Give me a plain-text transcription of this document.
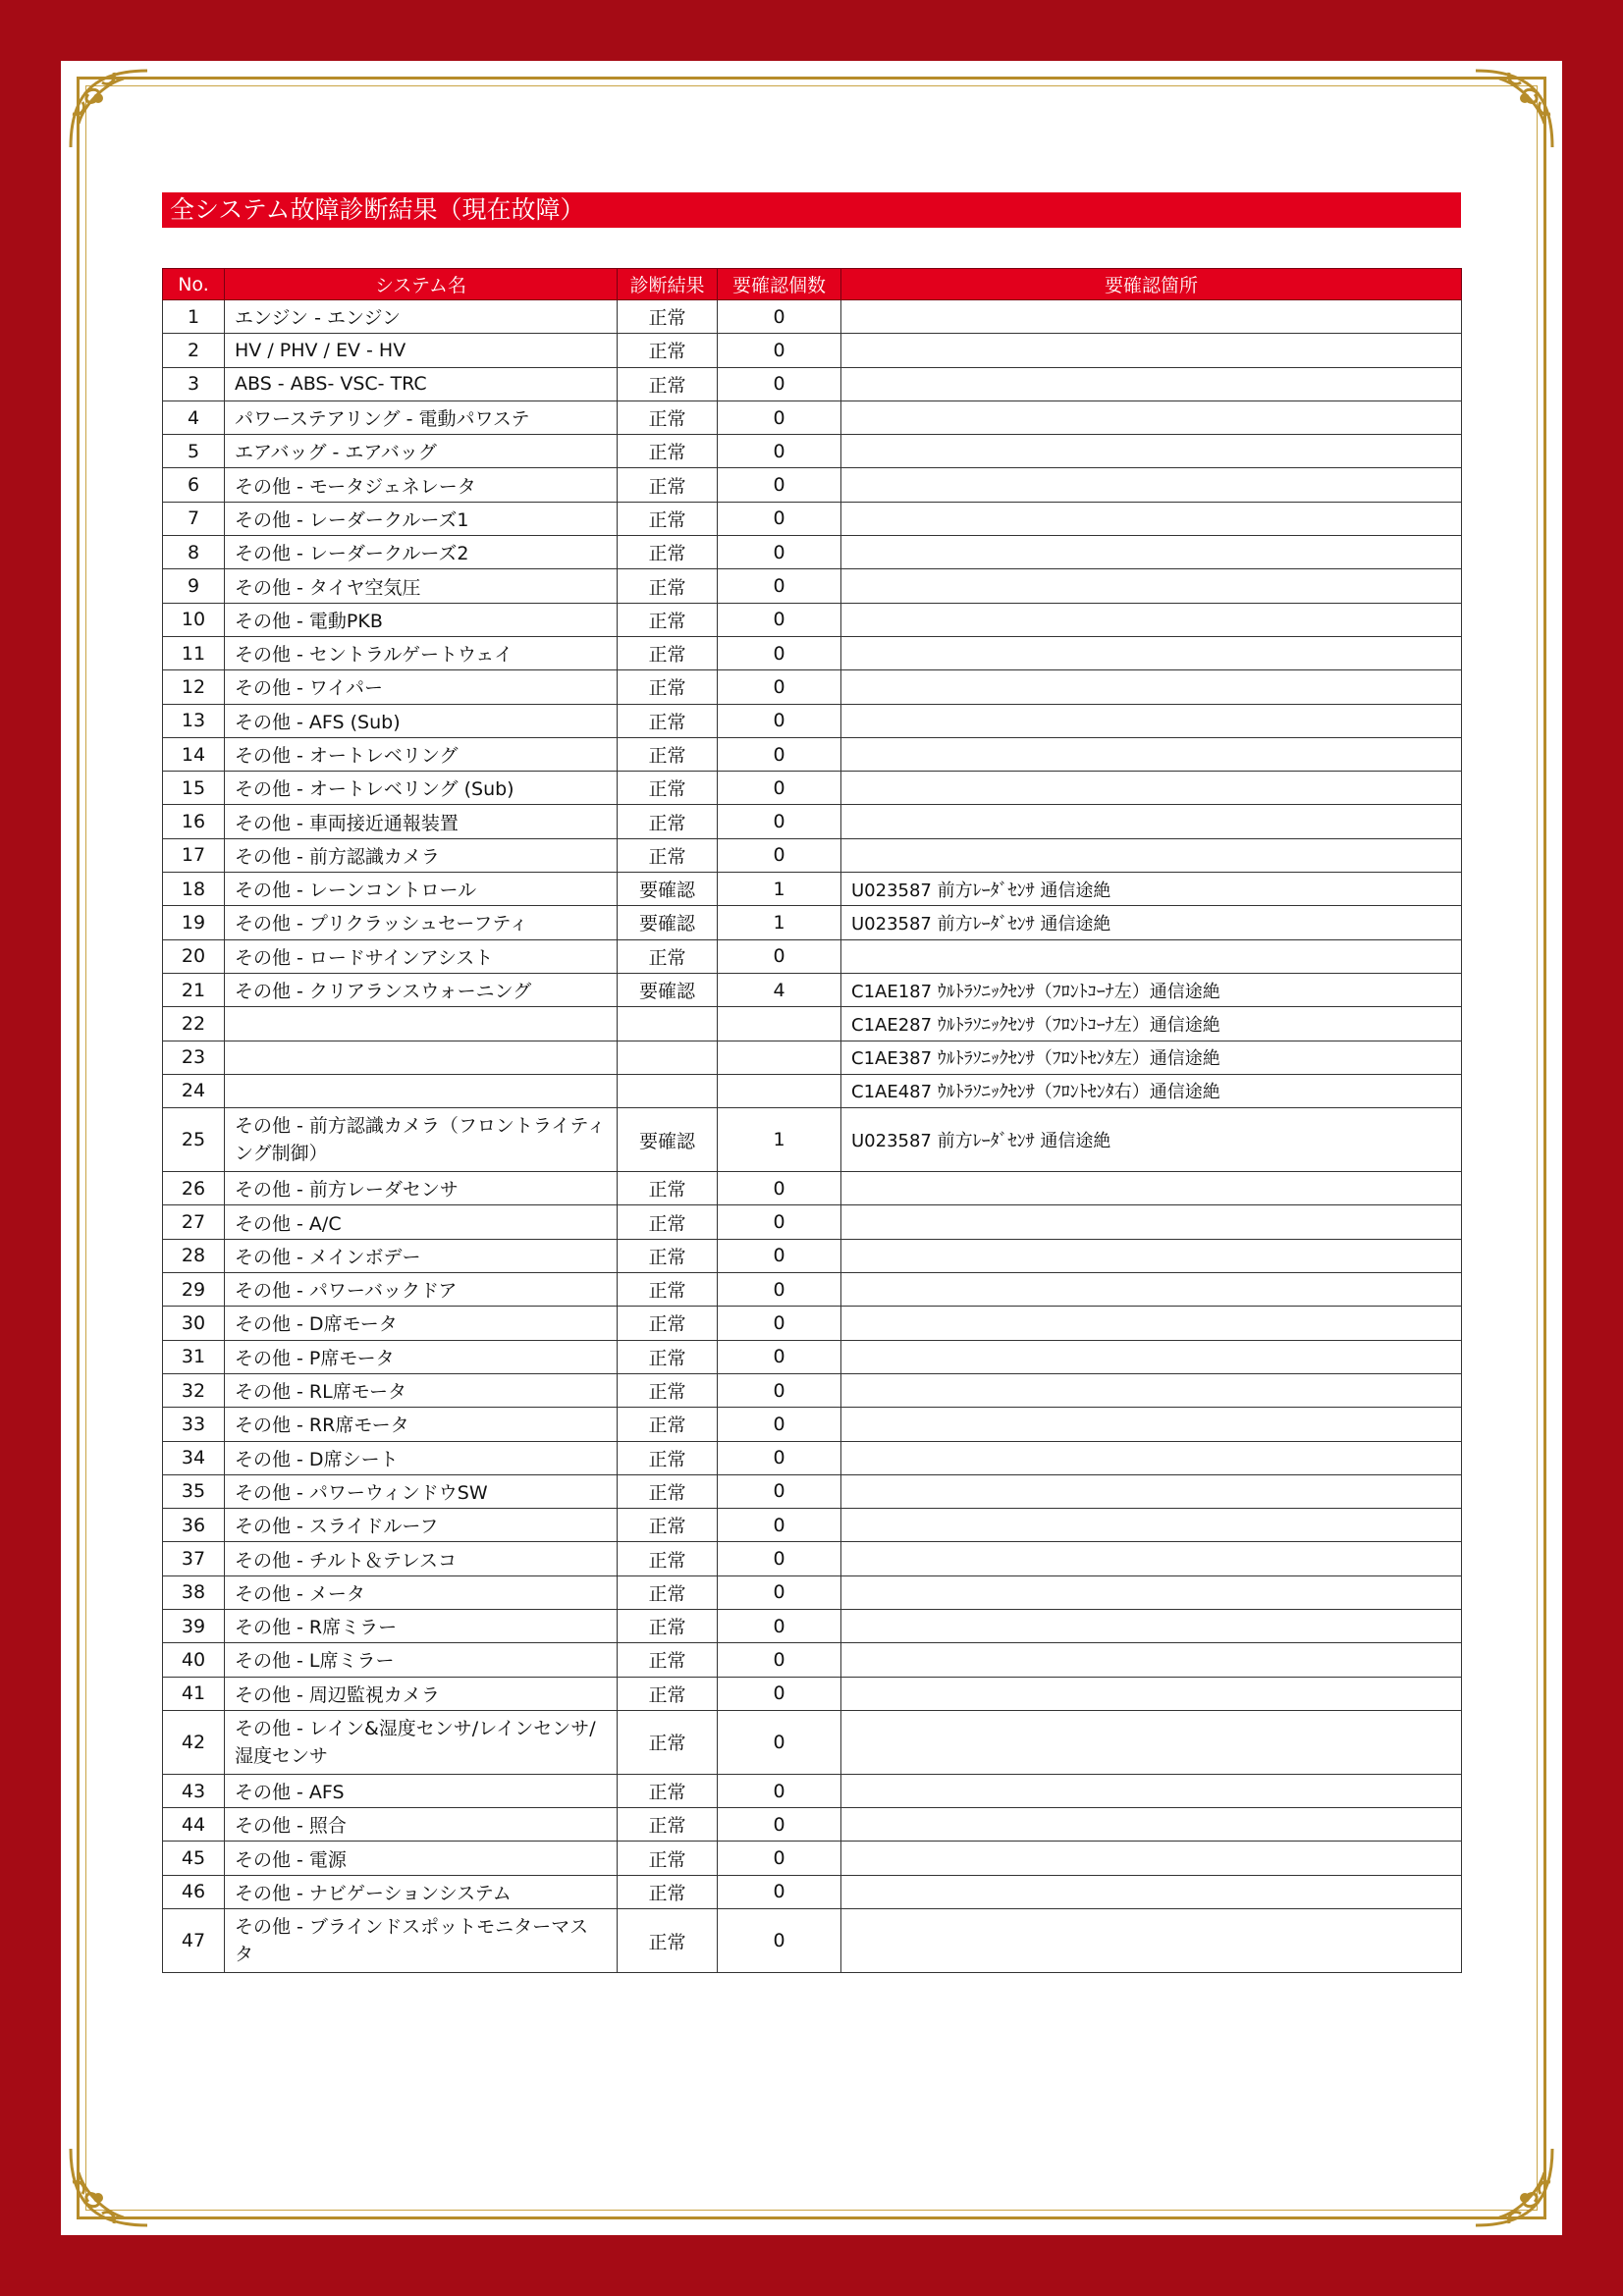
全システム故障診断結果（現在故障）
No.	システム名	診断結果	要確認個数	要確認箇所
1	エンジン - エンジン	正常	0	
2	HV / PHV / EV - HV	正常	0	
3	ABS - ABS- VSC- TRC	正常	0	
4	パワーステアリング - 電動パワステ	正常	0	
5	エアバッグ - エアバッグ	正常	0	
6	その他 - モータジェネレータ	正常	0	
7	その他 - レーダークルーズ1	正常	0	
8	その他 - レーダークルーズ2	正常	0	
9	その他 - タイヤ空気圧	正常	0	
10	その他 - 電動PKB	正常	0	
11	その他 - セントラルゲートウェイ	正常	0	
12	その他 - ワイパー	正常	0	
13	その他 - AFS (Sub)	正常	0	
14	その他 - オートレベリング	正常	0	
15	その他 - オートレベリング (Sub)	正常	0	
16	その他 - 車両接近通報装置	正常	0	
17	その他 - 前方認識カメラ	正常	0	
18	その他 - レーンコントロール	要確認	1	U023587 前方ﾚｰﾀﾞｾﾝｻ 通信途絶
19	その他 - プリクラッシュセーフティ	要確認	1	U023587 前方ﾚｰﾀﾞｾﾝｻ 通信途絶
20	その他 - ロードサインアシスト	正常	0	
21	その他 - クリアランスウォーニング	要確認	4	C1AE187 ｳﾙﾄﾗｿﾆｯｸｾﾝｻ（ﾌﾛﾝﾄｺｰﾅ左）通信途絶
22				C1AE287 ｳﾙﾄﾗｿﾆｯｸｾﾝｻ（ﾌﾛﾝﾄｺｰﾅ左）通信途絶
23				C1AE387 ｳﾙﾄﾗｿﾆｯｸｾﾝｻ（ﾌﾛﾝﾄｾﾝﾀ左）通信途絶
24				C1AE487 ｳﾙﾄﾗｿﾆｯｸｾﾝｻ（ﾌﾛﾝﾄｾﾝﾀ右）通信途絶
25	その他 - 前方認識カメラ（フロントライティング制御）	要確認	1	U023587 前方ﾚｰﾀﾞｾﾝｻ 通信途絶
26	その他 - 前方レーダセンサ	正常	0	
27	その他 - A/C	正常	0	
28	その他 - メインボデー	正常	0	
29	その他 - パワーバックドア	正常	0	
30	その他 - D席モータ	正常	0	
31	その他 - P席モータ	正常	0	
32	その他 - RL席モータ	正常	0	
33	その他 - RR席モータ	正常	0	
34	その他 - D席シート	正常	0	
35	その他 - パワーウィンドウSW	正常	0	
36	その他 - スライドルーフ	正常	0	
37	その他 - チルト＆テレスコ	正常	0	
38	その他 - メータ	正常	0	
39	その他 - R席ミラー	正常	0	
40	その他 - L席ミラー	正常	0	
41	その他 - 周辺監視カメラ	正常	0	
42	その他 - レイン&湿度センサ/レインセンサ/湿度センサ	正常	0	
43	その他 - AFS	正常	0	
44	その他 - 照合	正常	0	
45	その他 - 電源	正常	0	
46	その他 - ナビゲーションシステム	正常	0	
47	その他 - ブラインドスポットモニターマスタ	正常	0	
